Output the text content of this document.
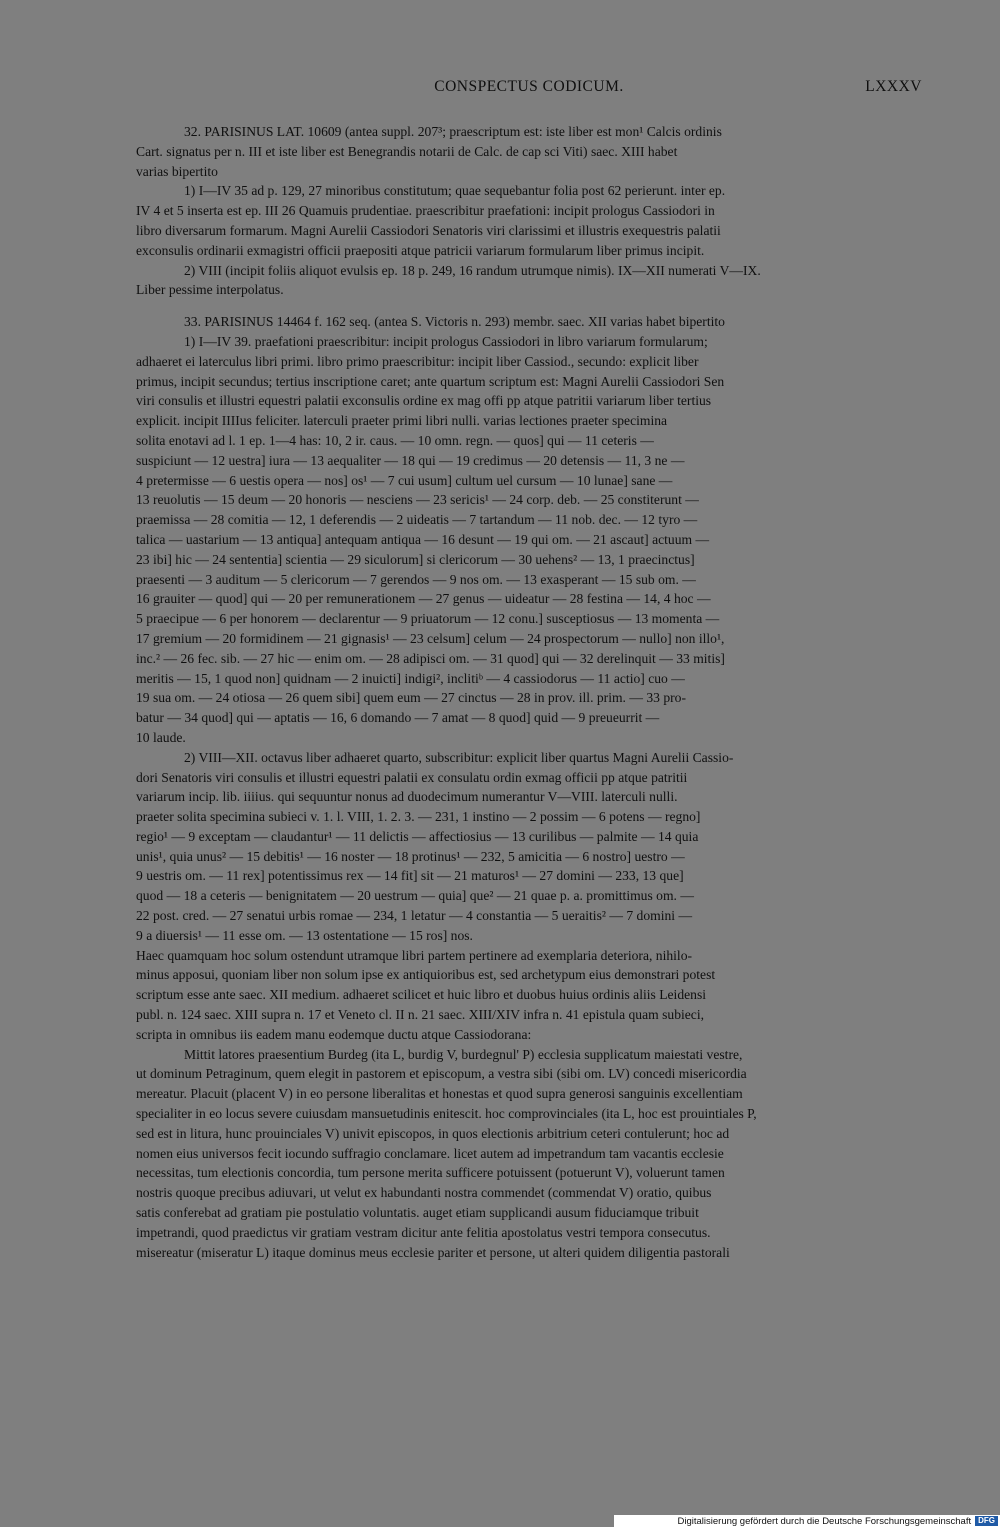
CONSPECTUS CODICUM.	LXXXV
32. PARISINUS LAT. 10609 (antea suppl. 207³; praescriptum est: iste liber est mon¹ Calcis ordinis
Cart. signatus per n. III et iste liber est Benegrandis notarii de Calc. de cap sci Viti) saec. XIII habet
varias bipertito
1) I—IV 35 ad p. 129, 27 minoribus constitutum; quae sequebantur folia post 62 perierunt. inter ep.
IV 4 et 5 inserta est ep. III 26 Quamuis prudentiae. praescribitur praefationi: incipit prologus Cassiodori in
libro diversarum formarum. Magni Aurelii Cassiodori Senatoris viri clarissimi et illustris exequestris palatii
exconsulis ordinarii exmagistri officii praepositi atque patricii variarum formularum liber primus incipit.
2) VIII (incipit foliis aliquot evulsis ep. 18 p. 249, 16 randum utrumque nimis). IX—XII numerati V—IX.
Liber pessime interpolatus.
33. PARISINUS 14464 f. 162 seq. (antea S. Victoris n. 293) membr. saec. XII varias habet bipertito
1) I—IV 39. praefationi praescribitur: incipit prologus Cassiodori in libro variarum formularum;
adhaeret ei laterculus libri primi. libro primo praescribitur: incipit liber Cassiod., secundo: explicit liber
primus, incipit secundus; tertius inscriptione caret; ante quartum scriptum est: Magni Aurelii Cassiodori Sen
viri consulis et illustri equestri palatii exconsulis ordine ex mag offi pp atque patritii variarum liber tertius
explicit. incipit IIIIus feliciter. laterculi praeter primi libri nulli. varias lectiones praeter specimina
solita enotavi ad l. 1 ep. 1—4 has: 10, 2 ir. caus. — 10 omn. regn. — quos] qui — 11 ceteris —
suspiciunt — 12 uestra] iura — 13 aequaliter — 18 qui — 19 credimus — 20 detensis — 11, 3 ne —
4 pretermisse — 6 uestis opera — nos] os¹ — 7 cui usum] cultum uel cursum — 10 lunae] sane —
13 reuolutis — 15 deum — 20 honoris — nesciens — 23 sericis¹ — 24 corp. deb. — 25 constiterunt —
praemissa — 28 comitia — 12, 1 deferendis — 2 uideatis — 7 tartandum — 11 nob. dec. — 12 tyro —
talica — uastarium — 13 antiqua] antequam antiqua — 16 desunt — 19 qui om. — 21 ascaut] actuum —
23 ibi] hic — 24 sententia] scientia — 29 siculorum] si clericorum — 30 uehens² — 13, 1 praecinctus]
praesenti — 3 auditum — 5 clericorum — 7 gerendos — 9 nos om. — 13 exasperant — 15 sub om. —
16 grauiter — quod] qui — 20 per remunerationem — 27 genus — uideatur — 28 festina — 14, 4 hoc —
5 praecipue — 6 per honorem — declarentur — 9 priuatorum — 12 conu.] susceptiosus — 13 momenta —
17 gremium — 20 formidinem — 21 gignasis¹ — 23 celsum] celum — 24 prospectorum — nullo] non illo¹,
inc.² — 26 fec. sib. — 27 hic — enim om. — 28 adipisci om. — 31 quod] qui — 32 derelinquit — 33 mitis]
meritis — 15, 1 quod non] quidnam — 2 inuicti] indigi², inclitiᵇ — 4 cassiodorus — 11 actio] cuo —
19 sua om. — 24 otiosa — 26 quem sibi] quem eum — 27 cinctus — 28 in prov. ill. prim. — 33 pro-
batur — 34 quod] qui — aptatis — 16, 6 domando — 7 amat — 8 quod] quid — 9 preueurrit —
10 laude.
2) VIII—XII. octavus liber adhaeret quarto, subscribitur: explicit liber quartus Magni Aurelii Cassio-
dori Senatoris viri consulis et illustri equestri palatii ex consulatu ordin exmag officii pp atque patritii
variarum incip. lib. iiiius. qui sequuntur nonus ad duodecimum numerantur V—VIII. laterculi nulli.
praeter solita specimina subieci v. 1. l. VIII, 1. 2. 3. — 231, 1 instino — 2 possim — 6 potens — regno]
regio¹ — 9 exceptam — claudantur¹ — 11 delictis — affectiosius — 13 curilibus — palmite — 14 quia
unis¹, quia unus² — 15 debitis¹ — 16 noster — 18 protinus¹ — 232, 5 amicitia — 6 nostro] uestro —
9 uestris om. — 11 rex] potentissimus rex — 14 fit] sit — 21 maturos¹ — 27 domini — 233, 13 que]
quod — 18 a ceteris — benignitatem — 20 uestrum — quia] que² — 21 quae p. a. promittimus om. —
22 post. cred. — 27 senatui urbis romae — 234, 1 letatur — 4 constantia — 5 ueraitis² — 7 domini —
9 a diuersis¹ — 11 esse om. — 13 ostentatione — 15 ros] nos.
Haec quamquam hoc solum ostendunt utramque libri partem pertinere ad exemplaria deteriora, nihilo-
minus apposui, quoniam liber non solum ipse ex antiquioribus est, sed archetypum eius demonstrari potest
scriptum esse ante saec. XII medium. adhaeret scilicet et huic libro et duobus huius ordinis aliis Leidensi
publ. n. 124 saec. XIII supra n. 17 et Veneto cl. II n. 21 saec. XIII/XIV infra n. 41 epistula quam subieci,
scripta in omnibus iis eadem manu eodemque ductu atque Cassiodorana:
Mittit latores praesentium Burdeg (ita L, burdig V, burdegnul' P) ecclesia supplicatum maiestati vestre,
ut dominum Petraginum, quem elegit in pastorem et episcopum, a vestra sibi (sibi om. LV) concedi misericordia
mereatur. Placuit (placent V) in eo persone liberalitas et honestas et quod supra generosi sanguinis excellentiam
specialiter in eo locus severe cuiusdam mansuetudinis enitescit. hoc comprovinciales (ita L, hoc est prouintiales P,
sed est in litura, hunc prouinciales V) univit episcopos, in quos electionis arbitrium ceteri contulerunt; hoc ad
nomen eius universos fecit iocundo suffragio conclamare. licet autem ad impetrandum tam vacantis ecclesie
necessitas, tum electionis concordia, tum persone merita sufficere potuissent (potuerunt V), voluerunt tamen
nostris quoque precibus adiuvari, ut velut ex habundanti nostra commendet (commendat V) oratio, quibus
satis conferebat ad gratiam pie postulatio voluntatis. auget etiam supplicandi ausum fiduciamque tribuit
impetrandi, quod praedictus vir gratiam vestram dicitur ante felitia apostolatus vestri tempora consecutus.
misereatur (miseratur L) itaque dominus meus ecclesie pariter et persone, ut alteri quidem diligentia pastorali
Digitalisierung gefördert durch die Deutsche Forschungsgemeinschaft DFG
